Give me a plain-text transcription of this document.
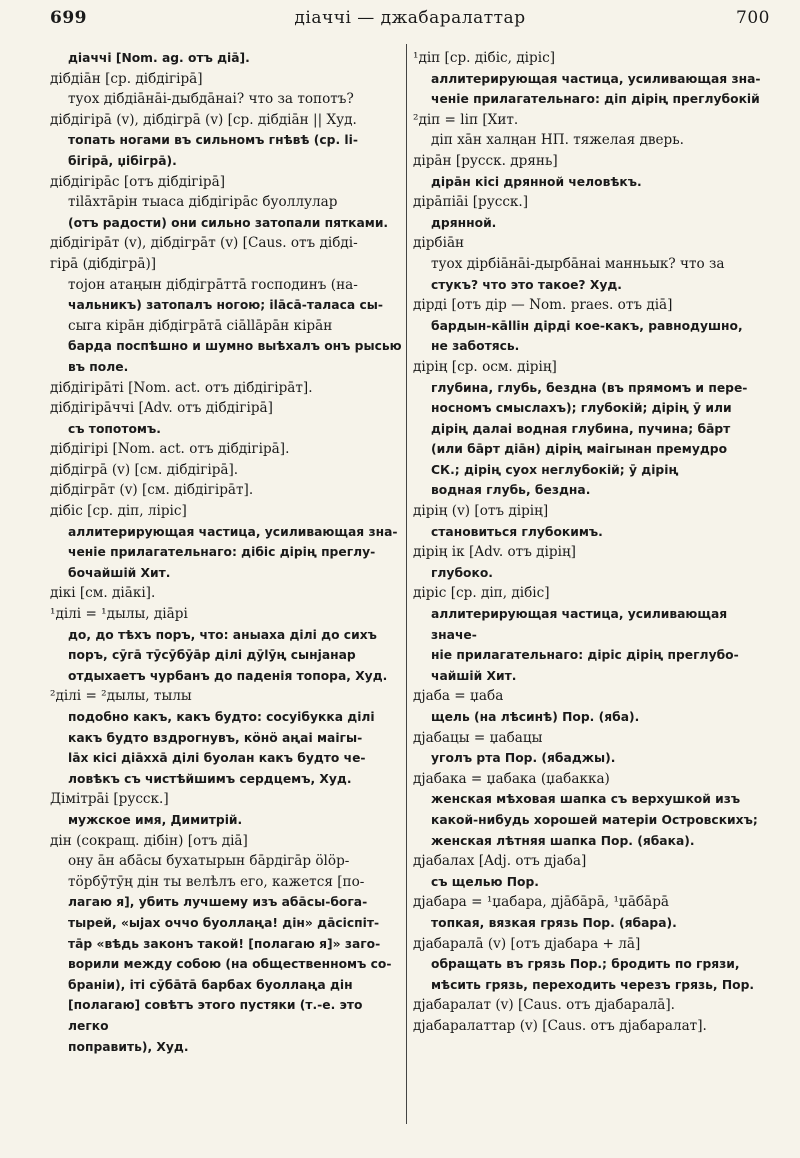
699	діаччі — джабаралаттар	700

діаччі [Nom. ag. отъ діā].

дібдіāн [ср. дібдігірā]

туох дібдіāнāі-дыбдāнаі? что за топотъ?

дібдігірā (v), дібдігрā (v) [ср. дібдіāн || Худ.

топать ногами въ сильномъ гнѣвѣ (ср. lі-

бігірā, џібігрā).

дібдігірāс [отъ дібдігірā]

тіlāхтāрін тыаса дібдігірāс буоллулар

(отъ радости) они сильно затопали пятками.

дібдігірāт (v), дібдігрāт (v) [Caus. отъ дібді-

гірā (дібдігрā)]

тоjон атаңын дібдігрāттā господинъ (на-

чальникъ) затопалъ ногою; ilāсā-таласа сы-

сыга кірāн дібдігрāтā сіāllāрāн кірāн

барда поспѣшно и шумно выѣхалъ онъ рысью

въ поле.

дібдігірāті [Nom. act. отъ дібдігірāт].

дібдігірāччі [Adv. отъ дібдігірā]

съ топотомъ.

дібдігірі [Nom. act. отъ дібдігірā].

дібдігрā (v) [см. дібдігірā].

дібдігрāт (v) [см. дібдігірāт].

дібіс [ср. діп, ліріс]

аллитерирующая частица, усиливающая зна-

ченіе прилагательнаго: дібіс дірің преглу-

бочайшій Хит.

дікі [см. діāкі].

¹ділі = ¹дылы, діāрі

до, до тѣхъ поръ, что: аныаха ділі до сихъ

поръ, сӯгā тӯсӯбӯāр ділі дӯlӯң сынјанар

отдыхаетъ чурбанъ до паденія топора, Худ.

²ділі = ²дылы, тылы

подобно какъ, какъ будто: сосуібукка ділі

какъ будто вздрогнувъ, кӧнӧ аңаі маігы-

lāх кісі діāххā ділі буолан какъ будто че-

ловѣкъ съ чистѣйшимъ сердцемъ, Худ.

Дімітрāі [русск.]

мужское имя, Димитрій.

дін (сокращ. дібін) [отъ діā]

ону āн абāсы бухатырын бāрдігāр ӧlӧр-

тӧрбӯтӯң дін ты велѣлъ его, кажется [по-

лагаю я], убить лучшему изъ абāсы-бога-

тырей, «ыjах оччо буоллаңа! дін» дāсіспіт-

тāр «вѣдь законъ такой! [полагаю я]» заго-

ворили между собою (на общественномъ со-

браніи), іті сӯбāтā барбах буоллаңа дін

[полагаю] совѣтъ этого пустяки (т.-е. это легко

поправить), Худ.

¹діп [ср. дібіс, діріс]

аллитерирующая частица, усиливающая зна-

ченіе прилагательнаго: діп дірің преглубокій

²діп = lіп [Хит.

діп хāн халңан НП. тяжелая дверь.

дірāн [русск. дрянь]

дірāн кісі дрянной человѣкъ.

дірāпіāі [русск.]

дрянной.

дірбіāн

туох дірбіāнāі-дырбāнаі манньык? что за

стукъ? что это такое? Худ.

дірді [отъ дір — Nom. praes. отъ діā]

бардын-кāllін дірді кое-какъ, равнодушно,

не заботясь.

дірің [ср. осм. дірің]

глубина, глубь, бездна (въ прямомъ и пере-

носномъ смыслахъ); глубокій; дірің ӯ или

дірің далаі водная глубина, пучина; бāрт

(или бāрт діāн) дірің маігынан премудро

СК.; дірің суох неглубокій; ӯ дірің

водная глубь, бездна.

дірің (v) [отъ дірің]

становиться глубокимъ.

дірің ік [Adv. отъ дірің]

глубоко.

діріс [ср. діп, дібіс]

аллитерирующая частица, усиливающая значе-

ніе прилагательнаго: діріс дірің преглубо-

чайшій Хит.

дјаба = џаба

щель (на лѣсинѣ) Пор. (яба).

дјабацы = џабацы

уголъ рта Пор. (ябаджы).

дјабака = џабака (џабакка)

женская мѣховая шапка съ верхушкой изъ

какой-нибудь хорошей матеріи Островскихъ;

женская лѣтняя шапка Пор. (ябака).

дјабалах [Adj. отъ дјаба]

съ щелью Пор.

дјабара = ¹џабара, дјāбāрā, ¹џāбāрā

топкая, вязкая грязь Пор. (ябара).

дјабаралā (v) [отъ дјабара + лā]

обращать въ грязь Пор.; бродить по грязи,

мѣсить грязь, переходить черезъ грязь, Пор.

дјабаралат (v) [Caus. отъ дјабаралā].

дјабаралаттар (v) [Caus. отъ дјабаралат].
